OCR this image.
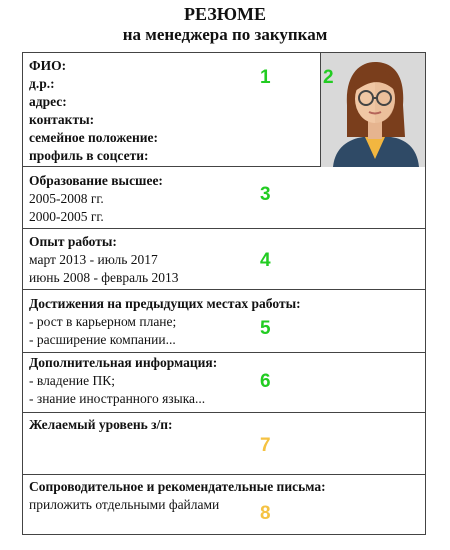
РЕЗЮМЕ
на менеджера по закупкам
ФИО:
д.р.:
адрес:
контакты:
семейное положение:
профиль в соцсети:
1	2
Образование высшее:
2005-2008 гг.
2000-2005 гг.
3
Опыт работы:
март 2013 - июль 2017
июнь 2008 - февраль 2013
4
Достижения на предыдущих местах работы:
- рост в карьерном плане;
- расширение компании...
5
Дополнительная информация:
- владение ПК;
- знание иностранного языка...
6
Желаемый уровень з/п:
7
Сопроводительное и рекомендательные письма:
приложить отдельными файлами	8
